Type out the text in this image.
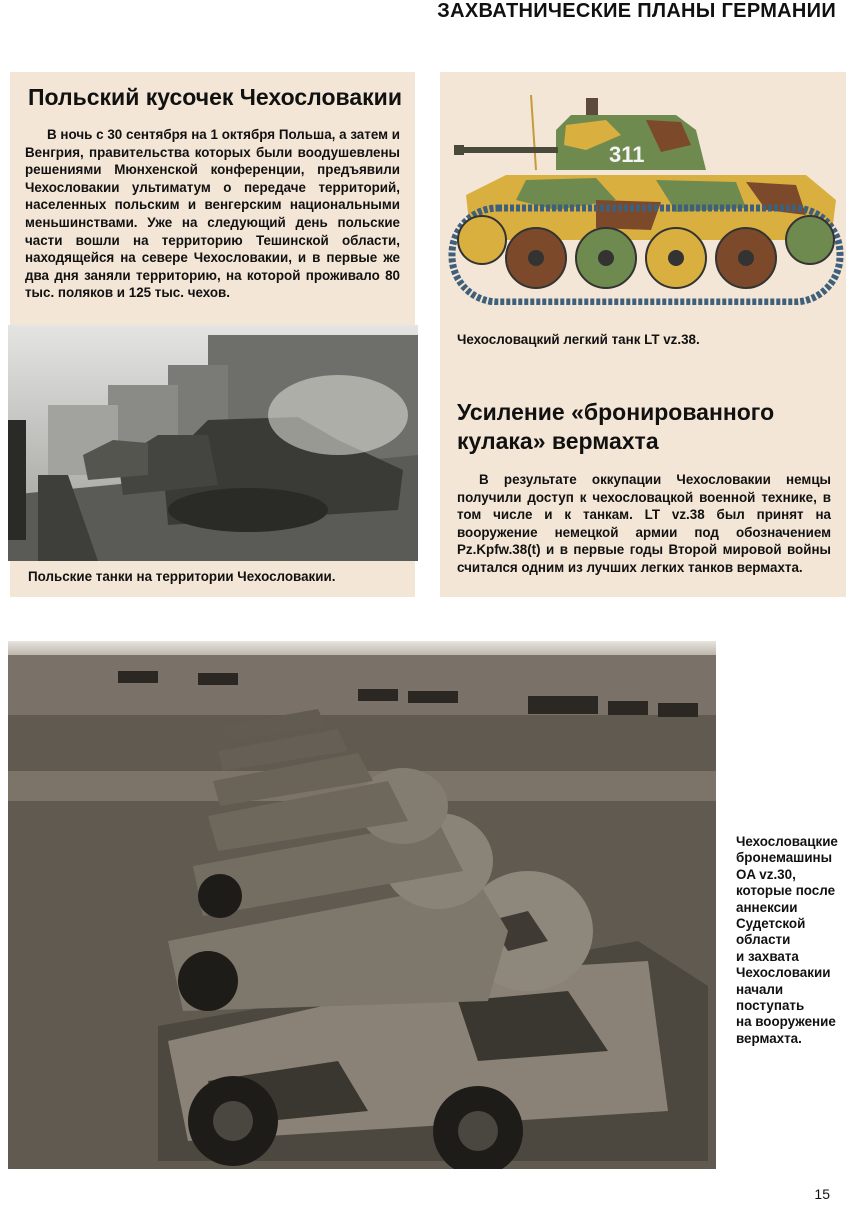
ЗАХВАТНИЧЕСКИЕ ПЛАНЫ ГЕРМАНИИ
Польский кусочек Чехословакии

В ночь с 30 сентября на 1 октября Польша, а затем и Венгрия, правительства которых были воодушевлены решениями Мюнхенской конференции, предъявили Чехословакии ультиматум о передаче территорий, населенных польским и венгерским национальными меньшинствами. Уже на следующий день польские части вошли на территорию Тешинской области, находящейся на севере Чехословакии, и в первые же два дня заняли территорию, на которой проживало 80 тыс. поляков и 125 тыс. чехов.

311
Чехословацкий легкий танк LT vz.38.
Усиление «бронированного кулака» вермахта

В результате оккупации Чехословакии немцы получили доступ к чехословацкой военной технике, в том числе и к танкам. LT vz.38 был принят на вооружение немецкой армии под обозначением Pz.Kpfw.38(t) и в первые годы Второй мировой войны считался одним из лучших легких танков вермахта.

Польские танки на территории Чехословакии.
Чехословацкие
бронемашины
OA vz.30,
которые после
аннексии
Судетской
области
и захвата
Чехословакии
начали
поступать
на вооружение
вермахта.
15
